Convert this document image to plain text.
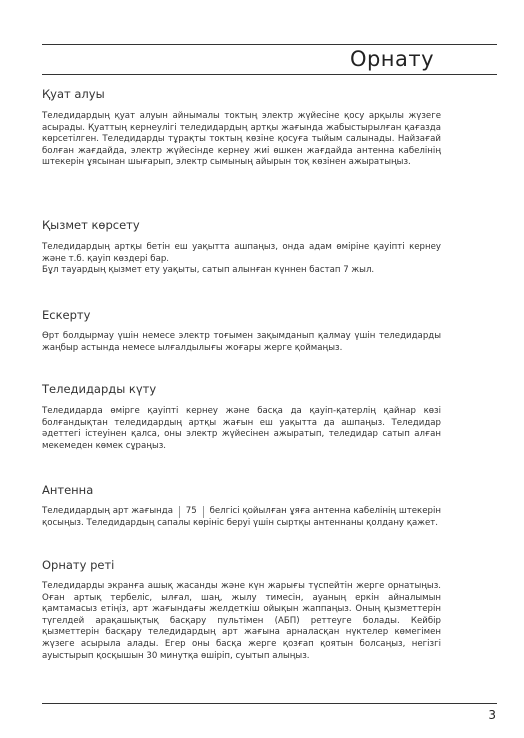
Орнату
Қуат алуы

Теледидардың қуат алуын айнымалы токтың электр жүйесіне қосу арқылы жүзеге асырады. Қуаттың кернеулігі теледидардың артқы жағында жабыстырылған қағазда көрсетілген. Теледидарды тұрақты токтың көзіне қосуға тыйым салынады. Найзағай болған жағдайда, электр жүйесінде кернеу жиі өшкен жағдайда антенна кабелінің штекерін ұясынан шығарып, электр сымының айырын тоқ көзінен ажыратыңыз.

Қызмет көрсету

Теледидардың артқы бетін еш уақытта ашпаңыз, онда адам өміріне қауіпті кернеу және т.б. қауіп көздері бар.

Бұл тауардың қызмет ету уақыты, сатып алынған күннен бастап 7 жыл.

Ескерту

Өрт болдырмау үшін немесе электр тоғымен зақымданып қалмау үшін теледидарды жаңбыр астында немесе ылғалдылығы жоғары жерге қоймаңыз.

Теледидарды күту

Теледидарда өмірге қауіпті кернеу және басқа да қауіп-қатерлің қайнар көзі болғандықтан теледидардың артқы жағын еш уақытта да ашпаңыз. Теледидар әдеттегі істеуінен қалса, оны электр жүйесінен ажыратып, теледидар сатып алған мекемеден көмек сұраңыз.

Антенна

Теледидардың арт жағында 75 белгісі қойылған ұяға антенна кабелінің штекерін қосыңыз. Теледидардың сапалы көрініс беруі үшін сыртқы антеннаны қолдану қажет.

Орнату реті

Теледидарды экранға ашық жасанды және күн жарығы түспейтін жерге орнатыңыз. Оған артық тербеліс, ылғал, шаң, жылу тимесін, ауаның еркін айналымын қамтамасыз етіңіз, арт жағындағы желдеткіш ойықын жаппаңыз. Оның қызметтерін түгелдей арақашықтық басқару пультімен (АБП) реттеуге болады. Кейбір қызметтерін басқару теледидардың арт жағына арналасқан нүктелер көмегімен жүзеге асырыла алады. Егер оны басқа жерге қозғап қоятын болсаңыз, негізгі ауыстырып қосқышын 30 минутқа өшіріп, суытып алыңыз.

3
